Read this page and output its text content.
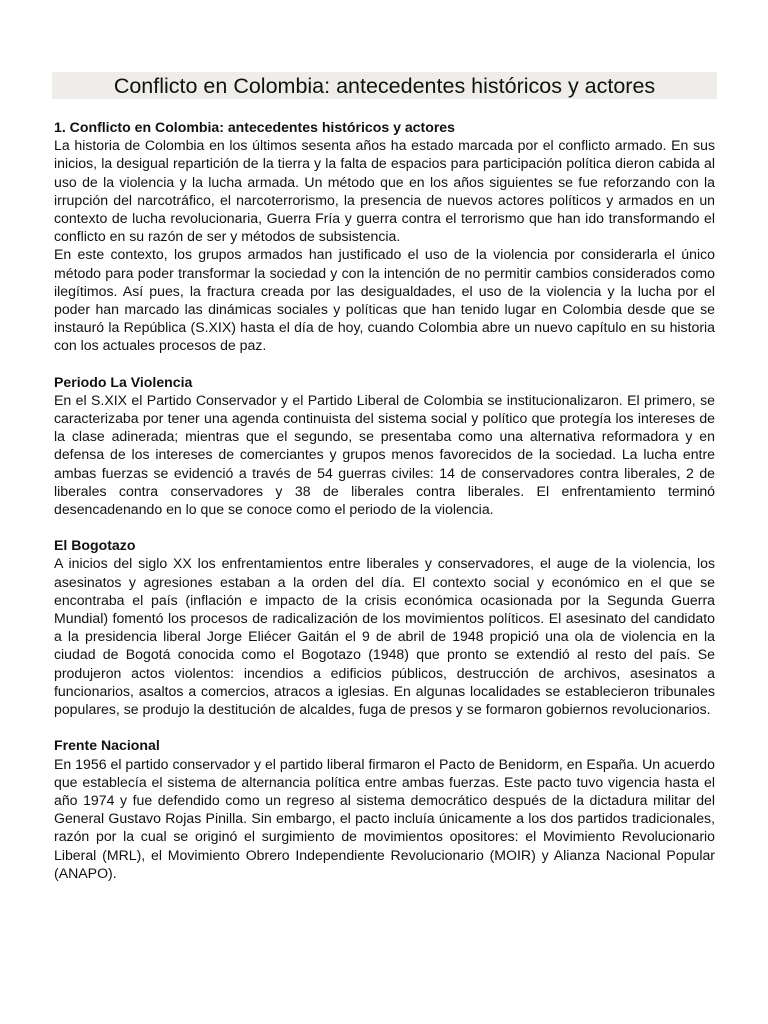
Conflicto en Colombia: antecedentes históricos y actores

1. Conflicto en Colombia: antecedentes históricos y actores

La historia de Colombia en los últimos sesenta años ha estado marcada por el conflicto armado. En sus inicios, la desigual repartición de la tierra y la falta de espacios para participación política dieron cabida al uso de la violencia y la lucha armada. Un método que en los años siguientes se fue reforzando con la irrupción del narcotráfico, el narcoterrorismo, la presencia de nuevos actores políticos y armados en un contexto de lucha revolucionaria, Guerra Fría y guerra contra el terrorismo que han ido transformando el conflicto en su razón de ser y métodos de subsistencia.

En este contexto, los grupos armados han justificado el uso de la violencia por considerarla el único método para poder transformar la sociedad y con la intención de no permitir cambios considerados como ilegítimos. Así pues, la fractura creada por las desigualdades, el uso de la violencia y la lucha por el poder han marcado las dinámicas sociales y políticas que han tenido lugar en Colombia desde que se instauró la República (S.XIX) hasta el día de hoy, cuando Colombia abre un nuevo capítulo en su historia con los actuales procesos de paz.

Periodo La Violencia

En el S.XIX el Partido Conservador y el Partido Liberal de Colombia se institucionalizaron. El primero, se caracterizaba por tener una agenda continuista del sistema social y político que protegía los intereses de la clase adinerada; mientras que el segundo, se presentaba como una alternativa reformadora y en defensa de los intereses de comerciantes y grupos menos favorecidos de la sociedad. La lucha entre ambas fuerzas se evidenció a través de 54 guerras civiles: 14 de conservadores contra liberales, 2 de liberales contra conservadores y 38 de liberales contra liberales. El enfrentamiento terminó desencadenando en lo que se conoce como el periodo de la violencia.

El Bogotazo

A inicios del siglo XX los enfrentamientos entre liberales y conservadores, el auge de la violencia, los asesinatos y agresiones estaban a la orden del día. El contexto social y económico en el que se encontraba el país (inflación e impacto de la crisis económica ocasionada por la Segunda Guerra Mundial) fomentó los procesos de radicalización de los movimientos políticos. El asesinato del candidato a la presidencia liberal Jorge Eliécer Gaitán el 9 de abril de 1948 propició una ola de violencia en la ciudad de Bogotá conocida como el Bogotazo (1948) que pronto se extendió al resto del país. Se produjeron actos violentos: incendios a edificios públicos, destrucción de archivos, asesinatos a funcionarios, asaltos a comercios, atracos a iglesias. En algunas localidades se establecieron tribunales populares, se produjo la destitución de alcaldes, fuga de presos y se formaron gobiernos revolucionarios.

Frente Nacional

En 1956 el partido conservador y el partido liberal firmaron el Pacto de Benidorm, en España. Un acuerdo que establecía el sistema de alternancia política entre ambas fuerzas. Este pacto tuvo vigencia hasta el año 1974 y fue defendido como un regreso al sistema democrático después de la dictadura militar del General Gustavo Rojas Pinilla. Sin embargo, el pacto incluía únicamente a los dos partidos tradicionales, razón por la cual se originó el surgimiento de movimientos opositores: el Movimiento Revolucionario Liberal (MRL), el Movimiento Obrero Independiente Revolucionario (MOIR) y Alianza Nacional Popular (ANAPO).
